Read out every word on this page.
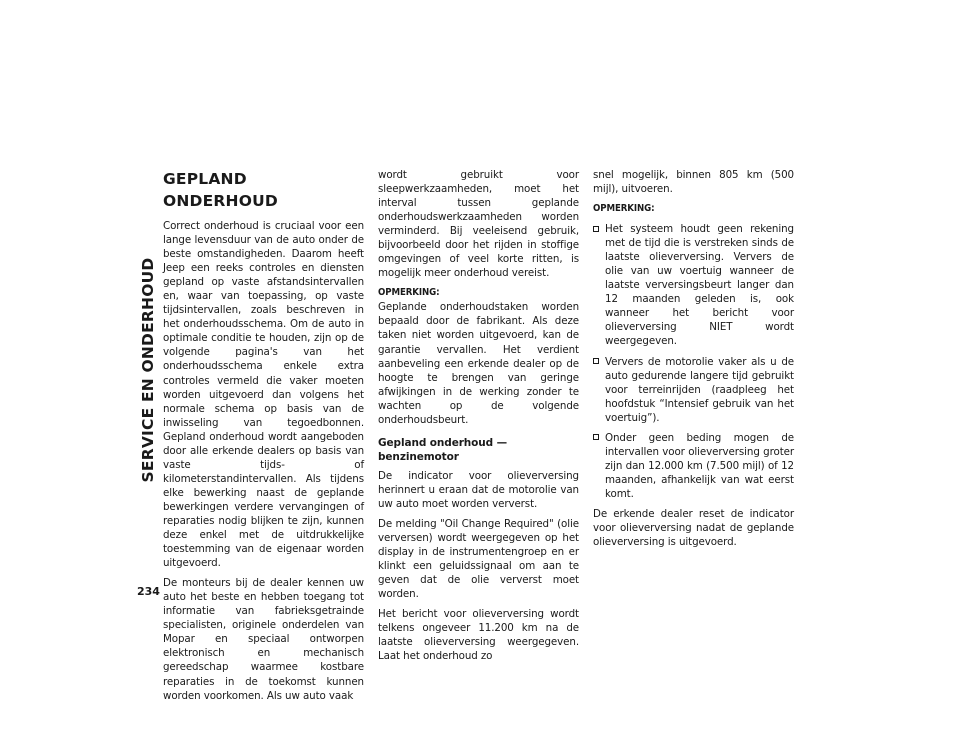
SERVICE EN ONDERHOUD
234
GEPLAND ONDERHOUD

Correct onderhoud is cruciaal voor een lange levensduur van de auto onder de beste omstandigheden. Daarom heeft Jeep een reeks controles en diensten gepland op vaste afstandsintervallen en, waar van toepassing, op vaste tijdsintervallen, zoals beschreven in het onderhoudsschema. Om de auto in optimale conditie te houden, zijn op de volgende pagina's van het onderhoudsschema enkele extra controles vermeld die vaker moeten worden uitgevoerd dan volgens het normale schema op basis van de inwisseling van tegoedbonnen. Gepland onderhoud wordt aangeboden door alle erkende dealers op basis van vaste tijds- of kilometerstandintervallen. Als tijdens elke bewerking naast de geplande bewerkingen verdere vervangingen of reparaties nodig blijken te zijn, kunnen deze enkel met de uitdrukkelijke toestemming van de eigenaar worden uitgevoerd.

De monteurs bij de dealer kennen uw auto het beste en hebben toegang tot informatie van fabrieksgetrainde specialisten, originele onderdelen van Mopar en speciaal ontworpen elektronisch en mechanisch gereedschap waarmee kostbare reparaties in de toekomst kunnen worden voorkomen. Als uw auto vaak

wordt gebruikt voor sleepwerkzaamheden, moet het interval tussen geplande onderhoudswerkzaamheden worden verminderd. Bij veeleisend gebruik, bijvoorbeeld door het rijden in stoffige omgevingen of veel korte ritten, is mogelijk meer onderhoud vereist.

OPMERKING:

Geplande onderhoudstaken worden bepaald door de fabrikant. Als deze taken niet worden uitgevoerd, kan de garantie vervallen. Het verdient aanbeveling een erkende dealer op de hoogte te brengen van geringe afwijkingen in de werking zonder te wachten op de volgende onderhoudsbeurt.

Gepland onderhoud — benzinemotor

De indicator voor olieverversing herinnert u eraan dat de motorolie van uw auto moet worden ververst.

De melding "Oil Change Required" (olie verversen) wordt weergegeven op het display in de instrumentengroep en er klinkt een geluidssignaal om aan te geven dat de olie ververst moet worden.

Het bericht voor olieverversing wordt telkens ongeveer 11.200 km na de laatste olieverversing weergegeven. Laat het onderhoud zo

snel mogelijk, binnen 805 km (500 mijl), uitvoeren.

OPMERKING:
Het systeem houdt geen rekening met de tijd die is verstreken sinds de laatste olieverversing. Ververs de olie van uw voertuig wanneer de laatste verversingsbeurt langer dan 12 maanden geleden is, ook wanneer het bericht voor olieverversing NIET wordt weergegeven.
Ververs de motorolie vaker als u de auto gedurende langere tijd gebruikt voor terreinrijden (raadpleeg het hoofdstuk “Intensief gebruik van het voertuig”).
Onder geen beding mogen de intervallen voor olieverversing groter zijn dan 12.000 km (7.500 mijl) of 12 maanden, afhankelijk van wat eerst komt.

De erkende dealer reset de indicator voor olieverversing nadat de geplande olieverversing is uitgevoerd.
